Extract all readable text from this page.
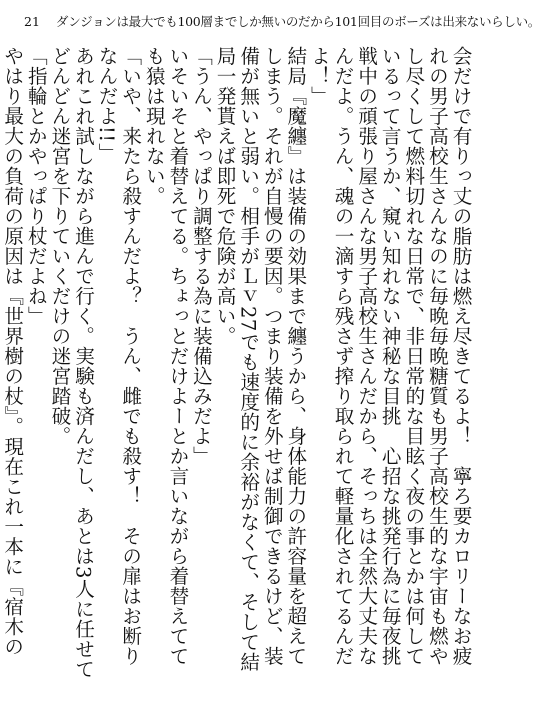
21 ダンジョンは最大でも100層までしか無いのだから101回目のボーズは出来ないらしい。

会だけで有りっ丈の脂肪は燃え尽きてるよ！　寧ろ要カロリーなお疲れの男子高校生さんなのに毎晩毎晩糖質も男子高校生的な宇宙も燃やし尽くして燃料切れな日常で、非日常的な目眩く夜の事とかは何して いるって言うか、窺い知れない神秘な目挑　心招な挑発行為に毎夜挑戦中の頑張り屋さんな男子高校生さんだから、そっちは全然大丈夫なんだよ。うん、魂の一滴すら残さず搾り取られて軽量化されてるんだよ！」

結局『魔纏』は装備の効果まで纏うから、身体能力の許容量を超えてしまう。それが自慢の要因。つまり装備を外せば制御できるけど、装備が無いと弱い。相手がＬｖ27でも速度的に余裕がなくて、そして結局一発貰えば即死で危険が高い。

「うん、やっぱり調整する為に装備込みだよ」

いそいそと着替えてる。ちょっとだけよーとか言いながら着替えてても猿は現れない。

「いや、来たら殺すんだよ？　うん、雌でも殺す！　その扉はお断りなんだよ!!」

あれこれ試しながら進んで行く。実験も済んだし、あとは3人に任せてどんどん迷宮を下りていくだけの迷宮踏破。

「指輪とかやっぱり杖だよね」

やはり最大の負荷の原因は『世界樹の杖』。現在これ一本に『宿木の　　　　　　　　　　
